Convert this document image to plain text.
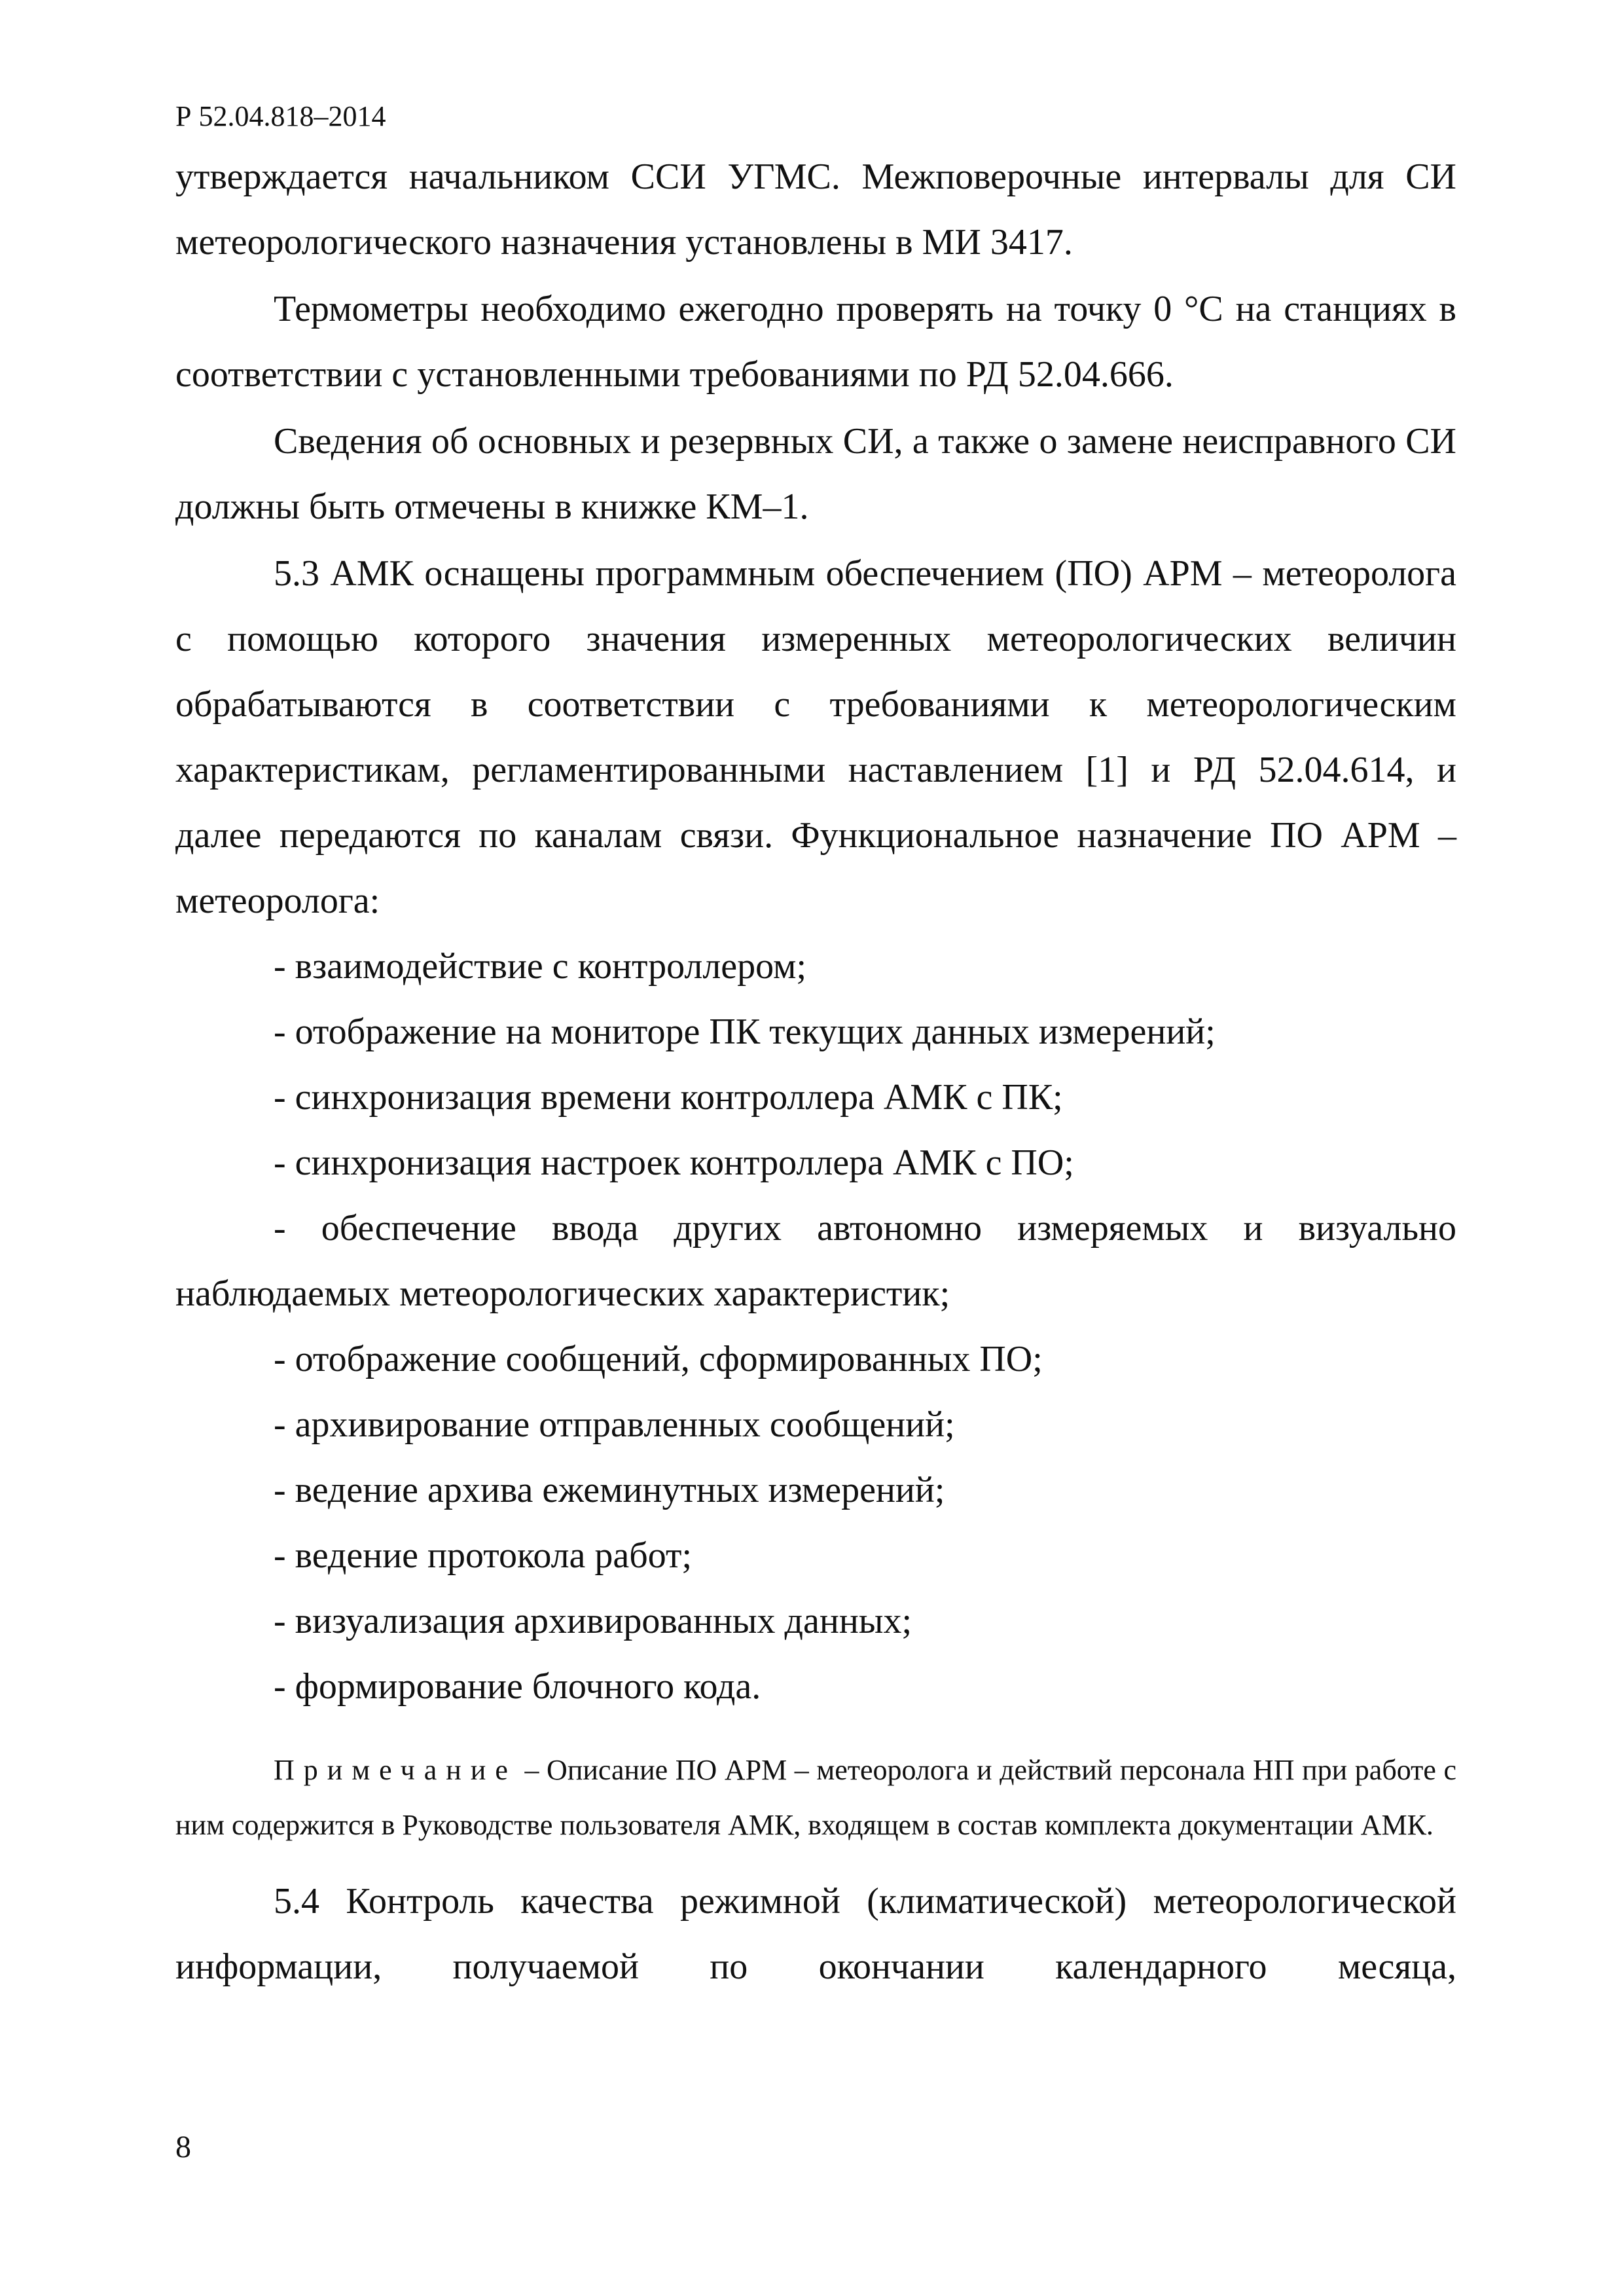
Р 52.04.818–2014

утверждается начальником ССИ УГМС. Межповерочные интервалы для СИ метеорологического назначения установлены в МИ 3417.

Термометры необходимо ежегодно проверять на точку 0 °С на станциях в соответствии с установленными требованиями по РД 52.04.666.

Сведения об основных и резервных СИ, а также о замене неисправного СИ должны быть отмечены в книжке КМ–1.

5.3 АМК оснащены программным обеспечением (ПО) АРМ – метеоролога с помощью которого значения измеренных метеорологических величин обрабатываются в соответствии с требованиями к метеорологическим характеристикам, регламентированными наставлением [1] и РД 52.04.614, и далее передаются по каналам связи. Функциональное назначение ПО АРМ – метеоролога:

- взаимодействие с контроллером;
- отображение на мониторе ПК текущих данных измерений;
- синхронизация времени контроллера АМК с ПК;
- синхронизация настроек контроллера АМК с ПО;
- обеспечение ввода других автономно измеряемых и визуально наблюдаемых метеорологических характеристик;
- отображение сообщений, сформированных ПО;
- архивирование отправленных сообщений;
- ведение архива ежеминутных измерений;
- ведение протокола работ;
- визуализация архивированных данных;
- формирование блочного кода.

Примечание – Описание ПО АРМ – метеоролога и действий персонала НП при работе с ним содержится в Руководстве пользователя АМК, входящем в состав комплекта документации АМК.

5.4 Контроль качества режимной (климатической) метеорологической

информации, получаемой по окончании календарного месяца,

8
